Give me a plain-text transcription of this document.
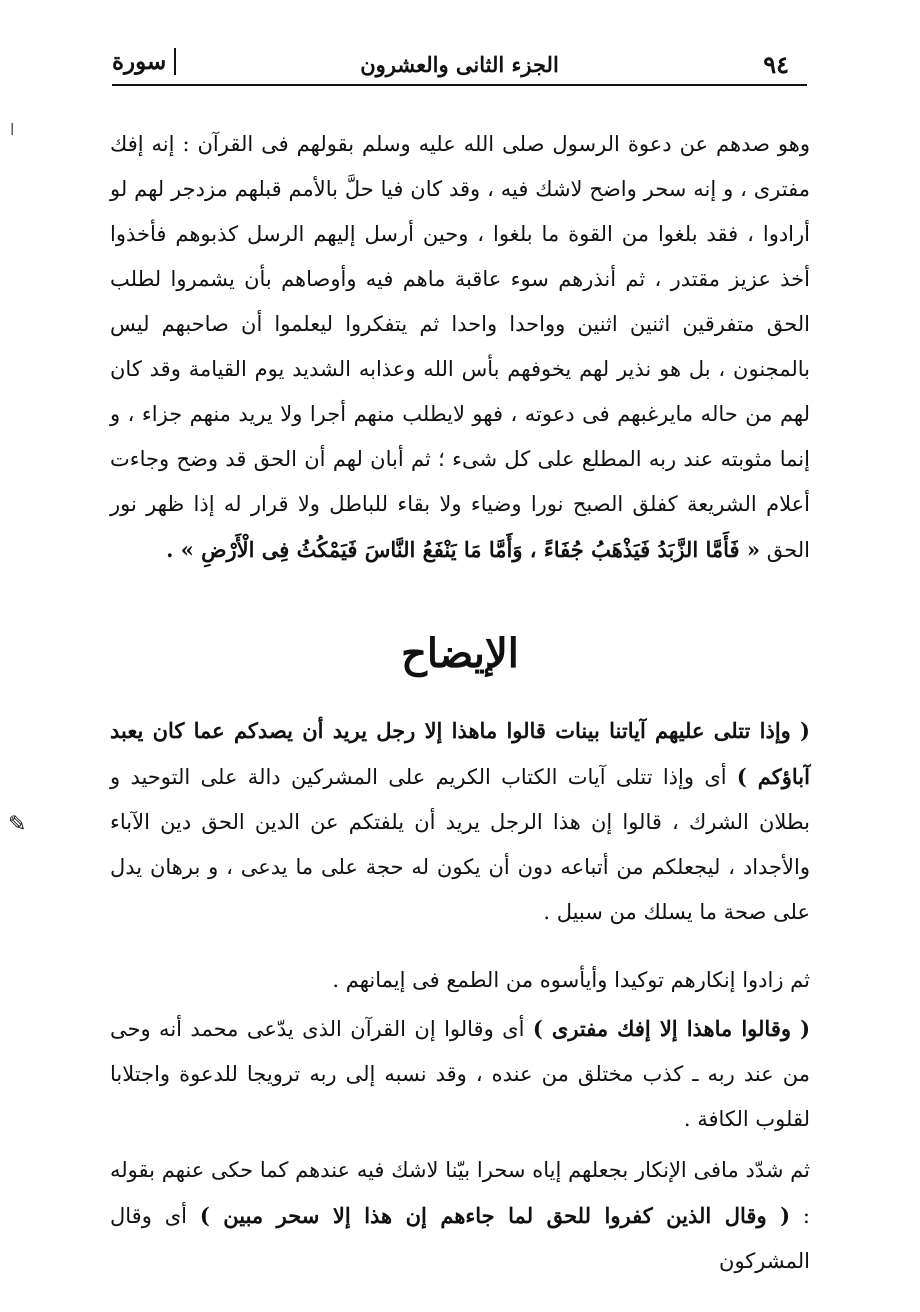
٩٤
الجزء الثانى والعشرون
سورة
ا
✎
وهو صدهم عن دعوة الرسول صلى الله عليه وسلم بقولهم فى القرآن : إنه إفك مفترى ، و إنه سحر واضح لاشك فيه ، وقد كان فيا حلَّ بالأمم قبلهم مزدجر لهم لو أرادوا ، فقد بلغوا من القوة ما بلغوا ، وحين أرسل إليهم الرسل كذبوهم فأخذوا أخذ عزيز مقتدر ، ثم أنذرهم سوء عاقبة ماهم فيه وأوصاهم بأن يشمروا لطلب الحق متفرقين اثنين اثنين وواحدا واحدا ثم يتفكروا ليعلموا أن صاحبهم ليس بالمجنون ، بل هو نذير لهم يخوفهم بأس الله وعذابه الشديد يوم القيامة وقد كان لهم من حاله مايرغبهم فى دعوته ، فهو لايطلب منهم أجرا ولا يريد منهم جزاء ، و إنما مثوبته عند ربه المطلع على كل شىء ؛ ثم أبان لهم أن الحق قد وضح وجاءت أعلام الشريعة كفلق الصبح نورا وضياء ولا بقاء للباطل ولا قرار له إذا ظهر نور الحق « فَأَمَّا الزَّبَدُ فَيَذْهَبُ جُفَاءً ، وَأَمَّا مَا يَنْفَعُ النَّاسَ فَيَمْكُثُ فِى الْأَرْضِ » .
الإيضاح
( وإذا تتلى عليهم آياتنا بينات قالوا ماهذا إلا رجل يريد أن يصدكم عما كان يعبد آباؤكم ) أى وإذا تتلى آيات الكتاب الكريم على المشركين دالة على التوحيد و بطلان الشرك ، قالوا إن هذا الرجل يريد أن يلفتكم عن الدين الحق دين الآباء والأجداد ، ليجعلكم من أتباعه دون أن يكون له حجة على ما يدعى ، و برهان يدل على صحة ما يسلك من سبيل .
ثم زادوا إنكارهم توكيدا وأيأسوه من الطمع فى إيمانهم .
( وقالوا ماهذا إلا إفك مفترى ) أى وقالوا إن القرآن الذى يدّعى محمد أنه وحى من عند ربه ـ كذب مختلق من عنده ، وقد نسبه إلى ربه ترويجا للدعوة واجتلابا لقلوب الكافة .
ثم شدّد مافى الإنكار بجعلهم إياه سحرا بيّنا لاشك فيه عندهم كما حكى عنهم بقوله : ( وقال الذين كفروا للحق لما جاءهم إن هذا إلا سحر مبين ) أى وقال المشركون
